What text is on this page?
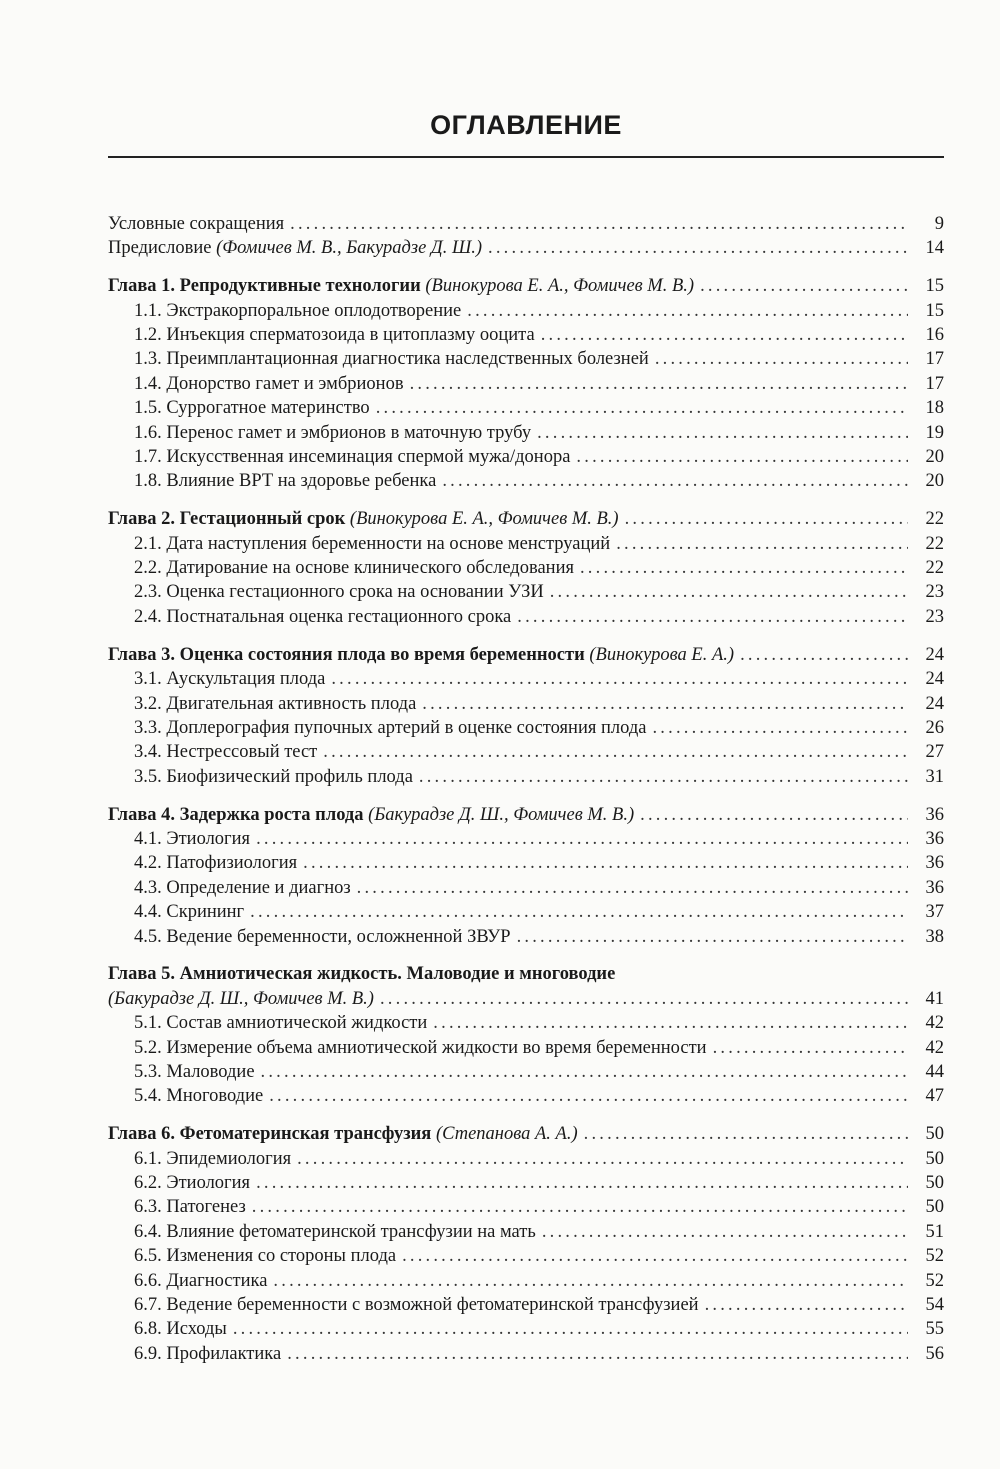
ОГЛАВЛЕНИЕ
Условные сокращения .....	9
Предисловие (Фомичев М. В., Бакурадзе Д. Ш.) .....	14
Глава 1. Репродуктивные технологии (Винокурова Е. А., Фомичев М. В.) .....	15
1.1. Экстракорпоральное оплодотворение .....	15
1.2. Инъекция сперматозоида в цитоплазму ооцита .....	16
1.3. Преимплантационная диагностика наследственных болезней .....	17
1.4. Донорство гамет и эмбрионов .....	17
1.5. Суррогатное материнство .....	18
1.6. Перенос гамет и эмбрионов в маточную трубу .....	19
1.7. Искусственная инсеминация спермой мужа/донора .....	20
1.8. Влияние ВРТ на здоровье ребенка .....	20
Глава 2. Гестационный срок (Винокурова Е. А., Фомичев М. В.) .....	22
2.1. Дата наступления беременности на основе менструаций .....	22
2.2. Датирование на основе клинического обследования .....	22
2.3. Оценка гестационного срока на основании УЗИ .....	23
2.4. Постнатальная оценка гестационного срока .....	23
Глава 3. Оценка состояния плода во время беременности (Винокурова Е. А.) .....	24
3.1. Аускультация плода .....	24
3.2. Двигательная активность плода .....	24
3.3. Доплерография пупочных артерий в оценке состояния плода .....	26
3.4. Нестрессовый тест .....	27
3.5. Биофизический профиль плода .....	31
Глава 4. Задержка роста плода (Бакурадзе Д. Ш., Фомичев М. В.) .....	36
4.1. Этиология .....	36
4.2. Патофизиология .....	36
4.3. Определение и диагноз .....	36
4.4. Скрининг .....	37
4.5. Ведение беременности, осложненной ЗВУР .....	38
Глава 5. Амниотическая жидкость. Маловодие и многоводие
(Бакурадзе Д. Ш., Фомичев М. В.) .....	41
5.1. Состав амниотической жидкости .....	42
5.2. Измерение объема амниотической жидкости во время беременности .....	42
5.3. Маловодие .....	44
5.4. Многоводие .....	47
Глава 6. Фетоматеринская трансфузия (Степанова А. А.) .....	50
6.1. Эпидемиология .....	50
6.2. Этиология .....	50
6.3. Патогенез .....	50
6.4. Влияние фетоматеринской трансфузии на мать .....	51
6.5. Изменения со стороны плода .....	52
6.6. Диагностика .....	52
6.7. Ведение беременности с возможной фетоматеринской трансфузией .....	54
6.8. Исходы .....	55
6.9. Профилактика .....	56
